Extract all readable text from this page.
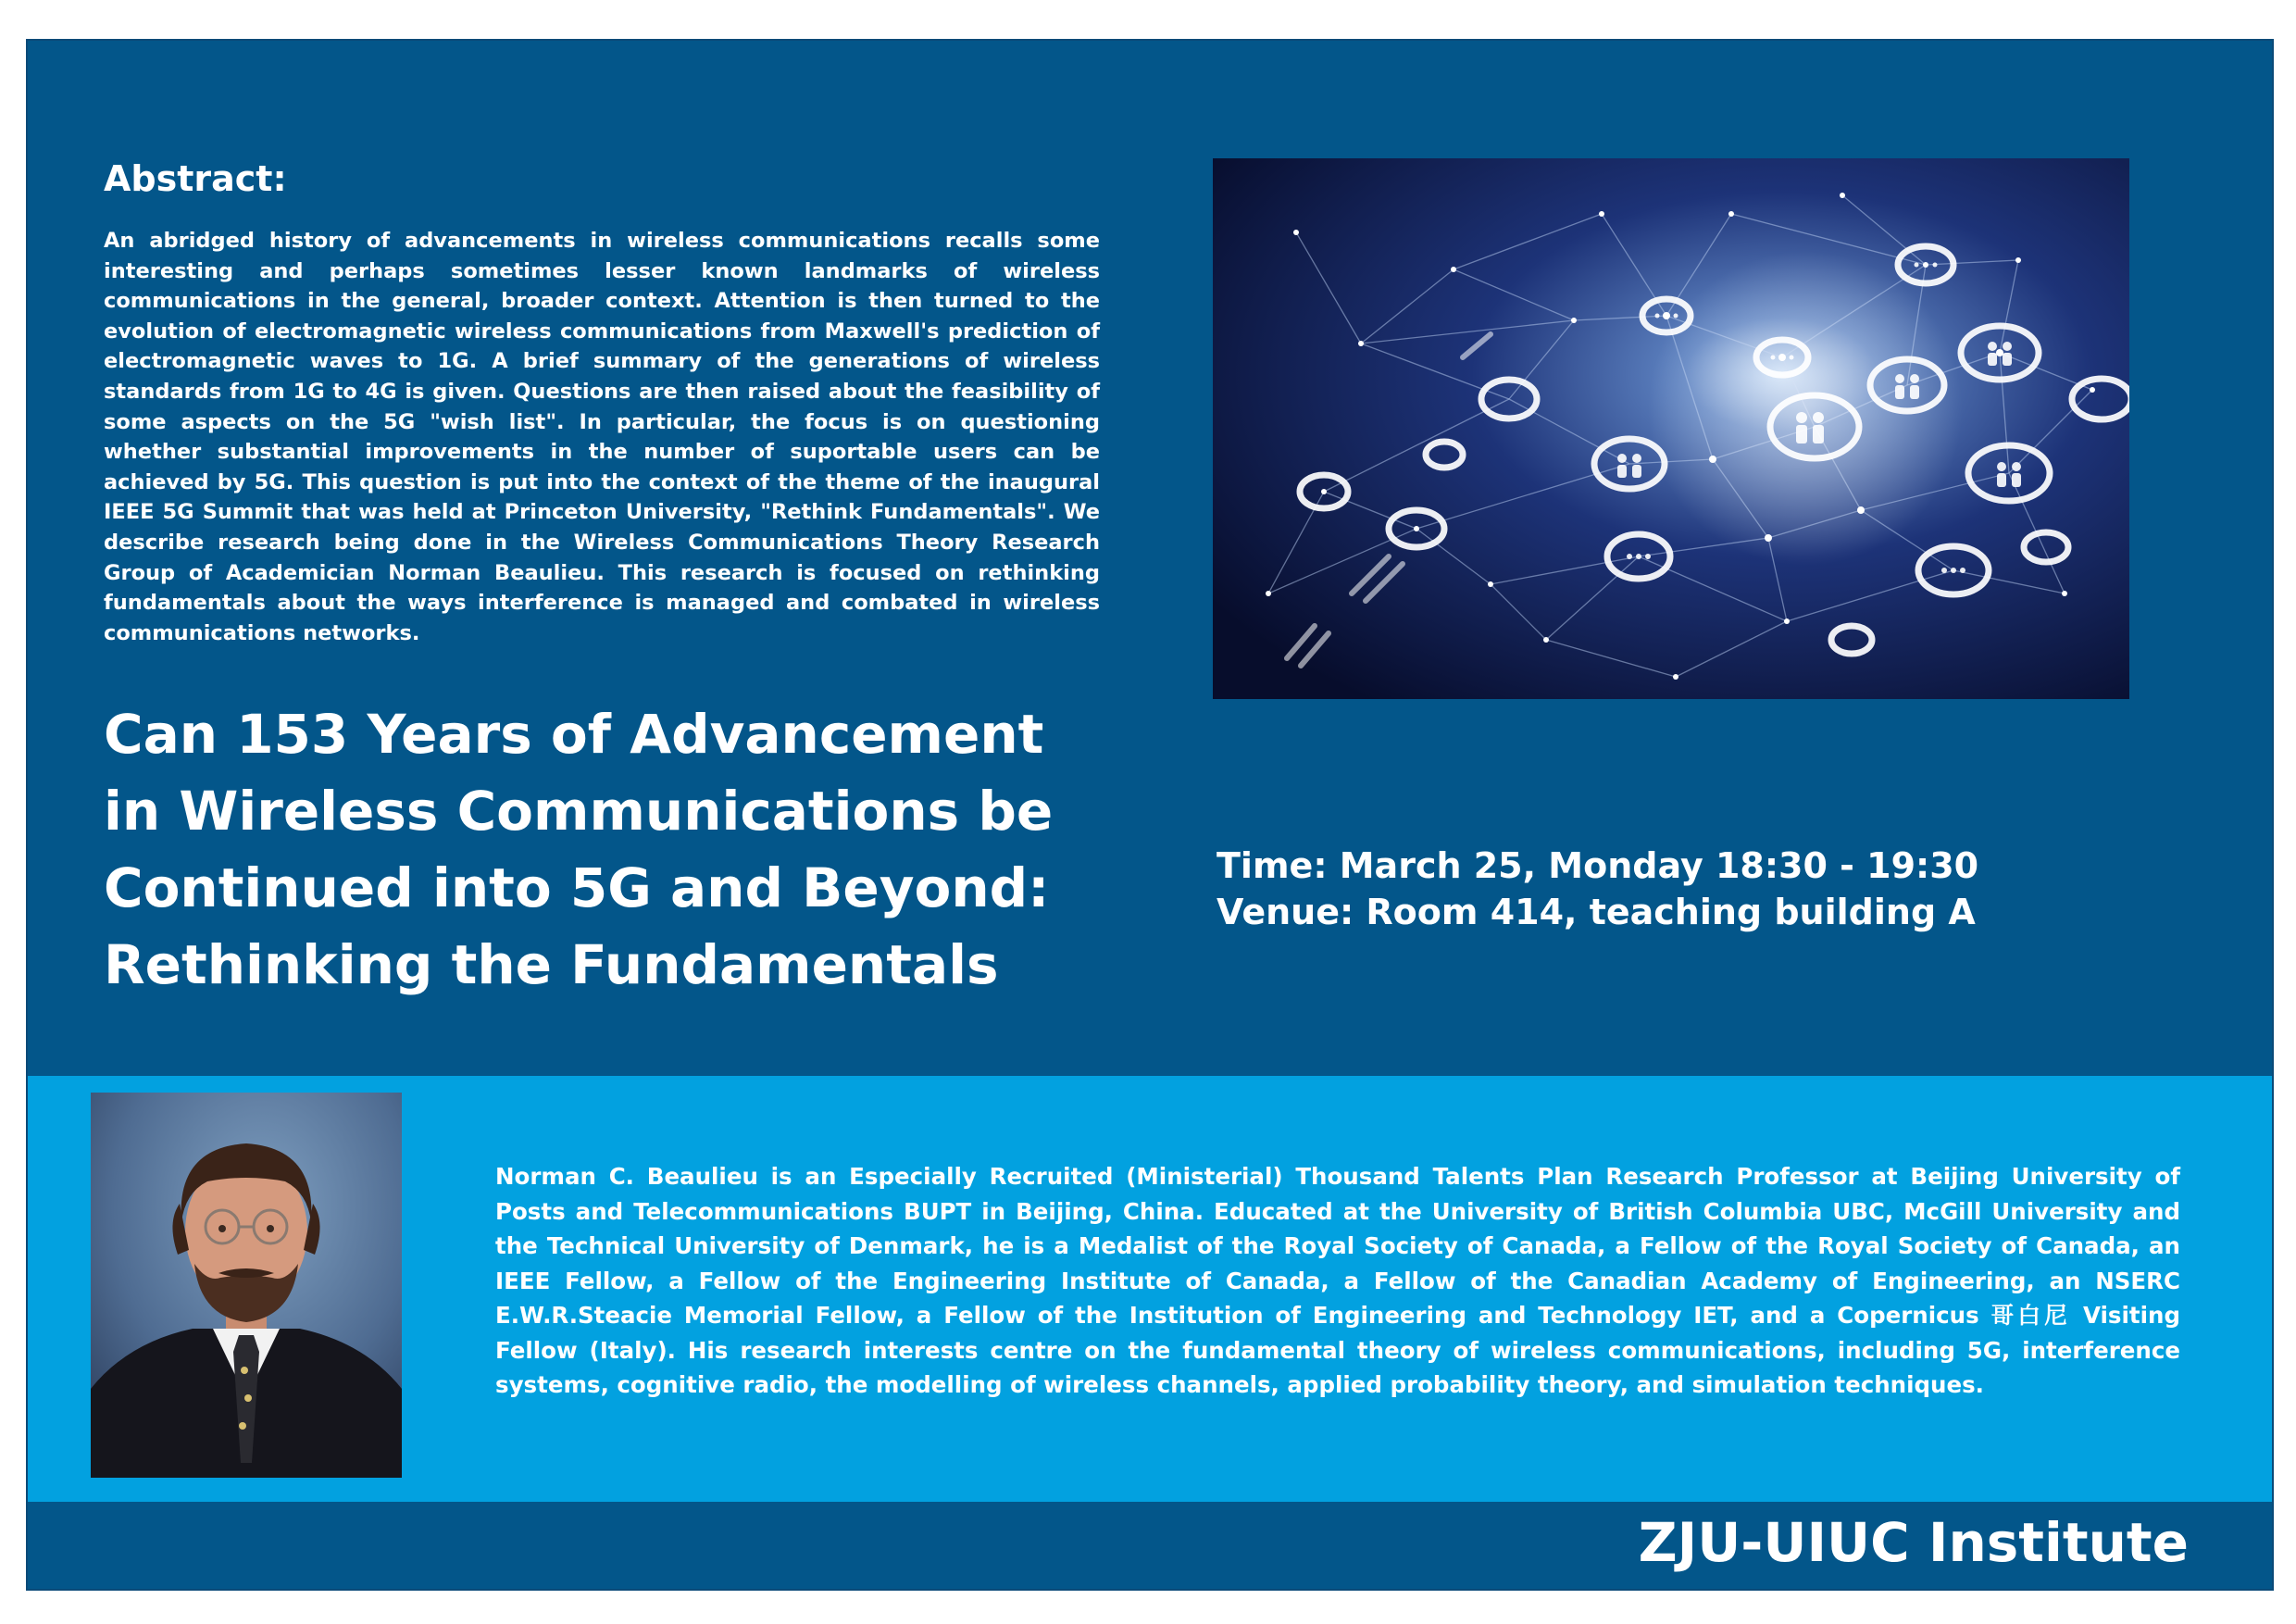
Abstract:

An abridged history of advancements in wireless communications recalls some interesting and perhaps sometimes lesser known landmarks of wireless communications in the general, broader context. Attention is then turned to the evolution of electromagnetic wireless communications from Maxwell's prediction of electromagnetic waves to 1G. A brief summary of the generations of wireless standards from 1G to 4G is given. Questions are then raised about the feasibility of some aspects on the 5G "wish list". In particular, the focus is on questioning whether substantial improvements in the number of suportable users can be achieved by 5G. This question is put into the context of the theme of the inaugural IEEE 5G Summit that was held at Princeton University, "Rethink Fundamentals". We describe research being done in the Wireless Communications Theory Research Group of Academician Norman Beaulieu. This research is focused on rethinking fundamentals about the ways interference is managed and combated in wireless communications networks.

Can 153 Years of Advancement
in Wireless Communications be
Continued into 5G and Beyond:
Rethinking the Fundamentals
Time: March 25, Monday 18:30 - 19:30
Venue: Room 414, teaching building A

Norman C. Beaulieu is an Especially Recruited (Ministerial) Thousand Talents Plan Research Professor at Beijing University of Posts and Telecommunications BUPT in Beijing, China. Educated at the University of British Columbia UBC, McGill University and the Technical University of Denmark, he is a Medalist of the Royal Society of Canada, a Fellow of the Royal Society of Canada, an IEEE Fellow, a Fellow of the Engineering Institute of Canada, a Fellow of the Canadian Academy of Engineering, an NSERC E.W.R.Steacie Memorial Fellow, a Fellow of the Institution of Engineering and Technology IET, and a Copernicus 哥白尼 Visiting Fellow (Italy). His research interests centre on the fundamental theory of wireless communications, including 5G, interference systems, cognitive radio, the modelling of wireless channels, applied probability theory, and simulation techniques.

ZJU-UIUC Institute
